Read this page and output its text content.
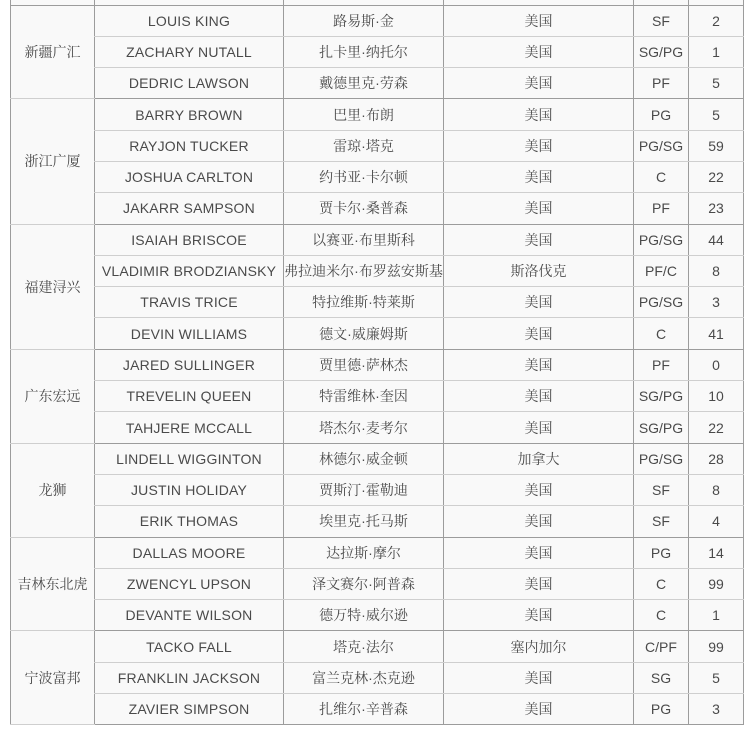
新疆广汇	LOUIS KING	路易斯·金	美国	SF	2
	ZACHARY NUTALL	扎卡里·纳托尔	美国	SG/PG	1
	DEDRIC LAWSON	戴德里克·劳森	美国	PF	5
浙江广厦	BARRY BROWN	巴里·布朗	美国	PG	5
	RAYJON TUCKER	雷琼·塔克	美国	PG/SG	59
	JOSHUA CARLTON	约书亚·卡尔顿	美国	C	22
	JAKARR SAMPSON	贾卡尔·桑普森	美国	PF	23
福建浔兴	ISAIAH BRISCOE	以赛亚·布里斯科	美国	PG/SG	44
	VLADIMIR BRODZIANSKY	弗拉迪米尔·布罗兹安斯基	斯洛伐克	PF/C	8
	TRAVIS TRICE	特拉维斯·特莱斯	美国	PG/SG	3
	DEVIN WILLIAMS	德文·威廉姆斯	美国	C	41
广东宏远	JARED SULLINGER	贾里德·萨林杰	美国	PF	0
	TREVELIN QUEEN	特雷维林·奎因	美国	SG/PG	10
	TAHJERE MCCALL	塔杰尔·麦考尔	美国	SG/PG	22
龙狮	LINDELL WIGGINTON	林德尔·威金顿	加拿大	PG/SG	28
	JUSTIN HOLIDAY	贾斯汀·霍勒迪	美国	SF	8
	ERIK THOMAS	埃里克·托马斯	美国	SF	4
吉林东北虎	DALLAS MOORE	达拉斯·摩尔	美国	PG	14
	ZWENCYL UPSON	泽文赛尔·阿普森	美国	C	99
	DEVANTE WILSON	德万特·威尔逊	美国	C	1
宁波富邦	TACKO FALL	塔克·法尔	塞内加尔	C/PF	99
	FRANKLIN JACKSON	富兰克林·杰克逊	美国	SG	5
	ZAVIER SIMPSON	扎维尔·辛普森	美国	PG	3
